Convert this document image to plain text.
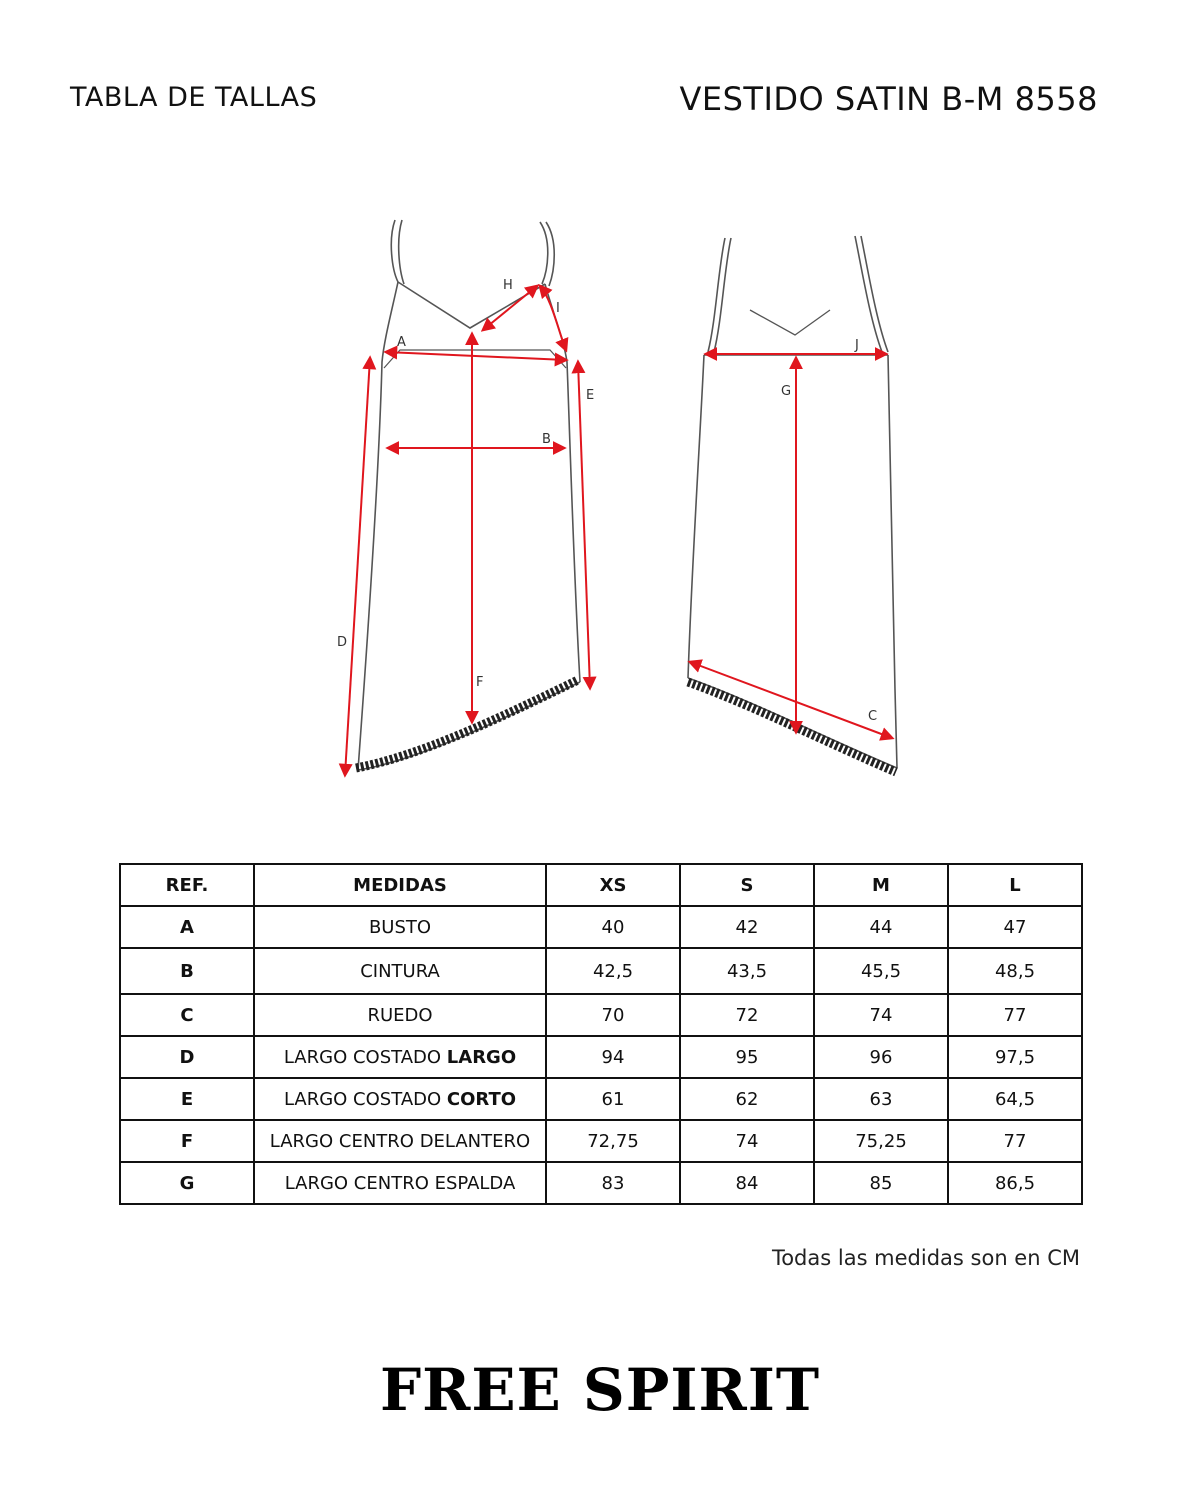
TABLA DE TALLAS	VESTIDO SATIN B-M 8558
A
B
C
D
E
F
G
H
I
J
REF.	MEDIDAS	XS	S	M	L
A	BUSTO	40	42	44	47
B	CINTURA	42,5	43,5	45,5	48,5
C	RUEDO	70	72	74	77
D	LARGO COSTADO LARGO	94	95	96	97,5
E	LARGO COSTADO CORTO	61	62	63	64,5
F	LARGO CENTRO DELANTERO	72,75	74	75,25	77
G	LARGO CENTRO ESPALDA	83	84	85	86,5
Todas las medidas son en CM
FREE SPIRIT
